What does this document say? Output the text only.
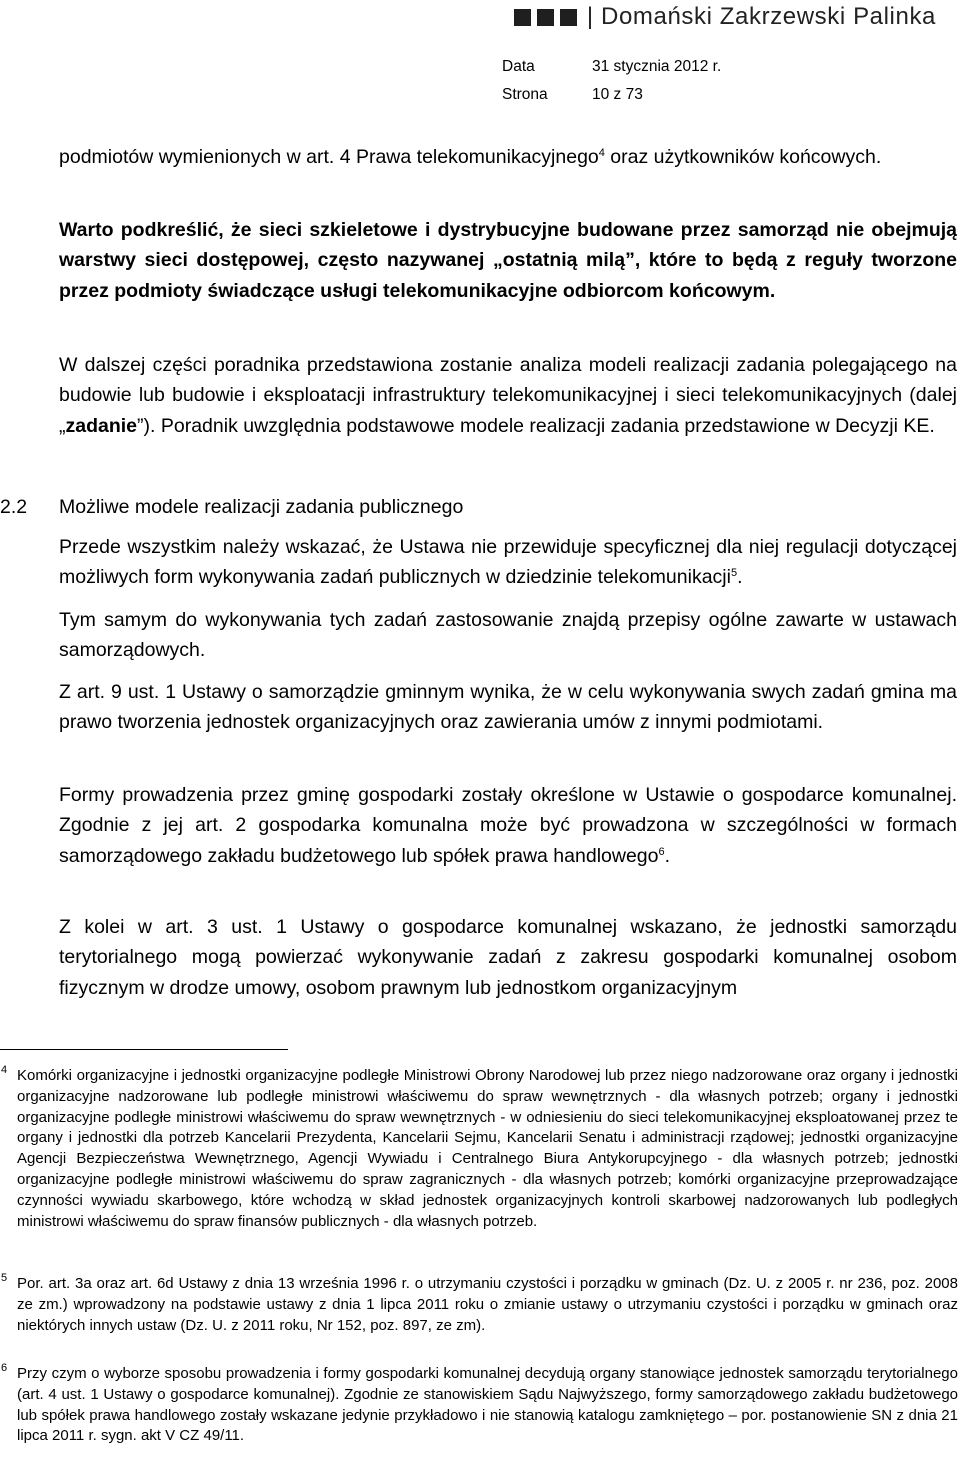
| Domański Zakrzewski Palinka
Data	31 stycznia 2012 r.
Strona	10 z 73
podmiotów wymienionych w art. 4 Prawa telekomunikacyjnego$^4$ oraz użytkowników końcowych.
Warto podkreślić, że sieci szkieletowe i dystrybucyjne budowane przez samorząd nie obejmują warstwy sieci dostępowej, często nazywanej „ostatnią milą”, które to będą z reguły tworzone przez podmioty świadczące usługi telekomunikacyjne odbiorcom końcowym.
W dalszej części poradnika przedstawiona zostanie analiza modeli realizacji zadania polegającego na budowie lub budowie i eksploatacji infrastruktury telekomunikacyjnej i sieci telekomunikacyjnych (dalej „zadanie”). Poradnik uwzględnia podstawowe modele realizacji zadania przedstawione w Decyzji KE.
2.2 Możliwe modele realizacji zadania publicznego
Przede wszystkim należy wskazać, że Ustawa nie przewiduje specyficznej dla niej regulacji dotyczącej możliwych form wykonywania zadań publicznych w dziedzinie telekomunikacji$^5$.
Tym samym do wykonywania tych zadań zastosowanie znajdą przepisy ogólne zawarte w ustawach samorządowych.
Z art. 9 ust. 1 Ustawy o samorządzie gminnym wynika, że w celu wykonywania swych zadań gmina ma prawo tworzenia jednostek organizacyjnych oraz zawierania umów z innymi podmiotami.
Formy prowadzenia przez gminę gospodarki zostały określone w Ustawie o gospodarce komunalnej. Zgodnie z jej art. 2 gospodarka komunalna może być prowadzona w szczególności w formach samorządowego zakładu budżetowego lub spółek prawa handlowego$^6$.
Z kolei w art. 3 ust. 1 Ustawy o gospodarce komunalnej wskazano, że jednostki samorządu terytorialnego mogą powierzać wykonywanie zadań z zakresu gospodarki komunalnej osobom fizycznym w drodze umowy, osobom prawnym lub jednostkom organizacyjnym
4 Komórki organizacyjne i jednostki organizacyjne podległe Ministrowi Obrony Narodowej lub przez niego nadzorowane oraz organy i jednostki organizacyjne nadzorowane lub podległe ministrowi właściwemu do spraw wewnętrznych - dla własnych potrzeb; organy i jednostki organizacyjne podległe ministrowi właściwemu do spraw wewnętrznych - w odniesieniu do sieci telekomunikacyjnej eksploatowanej przez te organy i jednostki dla potrzeb Kancelarii Prezydenta, Kancelarii Sejmu, Kancelarii Senatu i administracji rządowej; jednostki organizacyjne Agencji Bezpieczeństwa Wewnętrznego, Agencji Wywiadu i Centralnego Biura Antykorupcyjnego - dla własnych potrzeb; jednostki organizacyjne podległe ministrowi właściwemu do spraw zagranicznych - dla własnych potrzeb; komórki organizacyjne przeprowadzające czynności wywiadu skarbowego, które wchodzą w skład jednostek organizacyjnych kontroli skarbowej nadzorowanych lub podległych ministrowi właściwemu do spraw finansów publicznych - dla własnych potrzeb.
5 Por. art. 3a oraz art. 6d Ustawy z dnia 13 września 1996 r. o utrzymaniu czystości i porządku w gminach (Dz. U. z 2005 r. nr 236, poz. 2008 ze zm.) wprowadzony na podstawie ustawy z dnia 1 lipca 2011 roku o zmianie ustawy o utrzymaniu czystości i porządku w gminach oraz niektórych innych ustaw (Dz. U. z 2011 roku, Nr 152, poz. 897, ze zm).
6 Przy czym o wyborze sposobu prowadzenia i formy gospodarki komunalnej decydują organy stanowiące jednostek samorządu terytorialnego (art. 4 ust. 1 Ustawy o gospodarce komunalnej). Zgodnie ze stanowiskiem Sądu Najwyższego, formy samorządowego zakładu budżetowego lub spółek prawa handlowego zostały wskazane jedynie przykładowo i nie stanowią katalogu zamkniętego – por. postanowienie SN z dnia 21 lipca 2011 r. sygn. akt V CZ 49/11.
